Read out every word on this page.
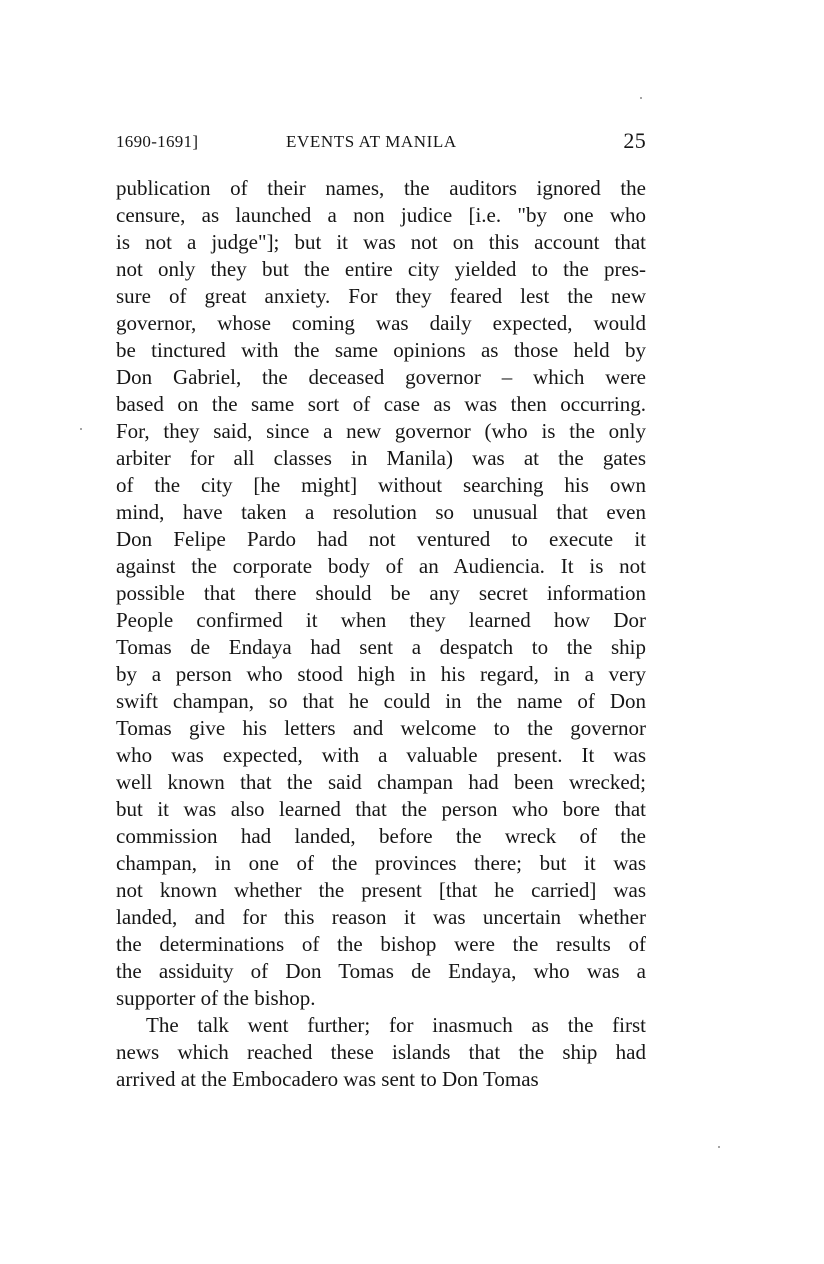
1690-1691]	EVENTS AT MANILA	25
publication of their names, the auditors ignored the
censure, as launched a non judice [i.e. "by one who
is not a judge"]; but it was not on this account that
not only they but the entire city yielded to the pres-
sure of great anxiety. For they feared lest the new
governor, whose coming was daily expected, would
be tinctured with the same opinions as those held by
Don Gabriel, the deceased governor – which were
based on the same sort of case as was then occurring.
For, they said, since a new governor (who is the only
arbiter for all classes in Manila) was at the gates
of the city [he might] without searching his own
mind, have taken a resolution so unusual that even
Don Felipe Pardo had not ventured to execute it
against the corporate body of an Audiencia. It is not
possible that there should be any secret information
People confirmed it when they learned how Dor
Tomas de Endaya had sent a despatch to the ship
by a person who stood high in his regard, in a very
swift champan, so that he could in the name of Don
Tomas give his letters and welcome to the governor
who was expected, with a valuable present. It was
well known that the said champan had been wrecked;
but it was also learned that the person who bore that
commission had landed, before the wreck of the
champan, in one of the provinces there; but it was
not known whether the present [that he carried] was
landed, and for this reason it was uncertain whether
the determinations of the bishop were the results of
the assiduity of Don Tomas de Endaya, who was a
supporter of the bishop.
The talk went further; for inasmuch as the first
news which reached these islands that the ship had
arrived at the Embocadero was sent to Don Tomas
